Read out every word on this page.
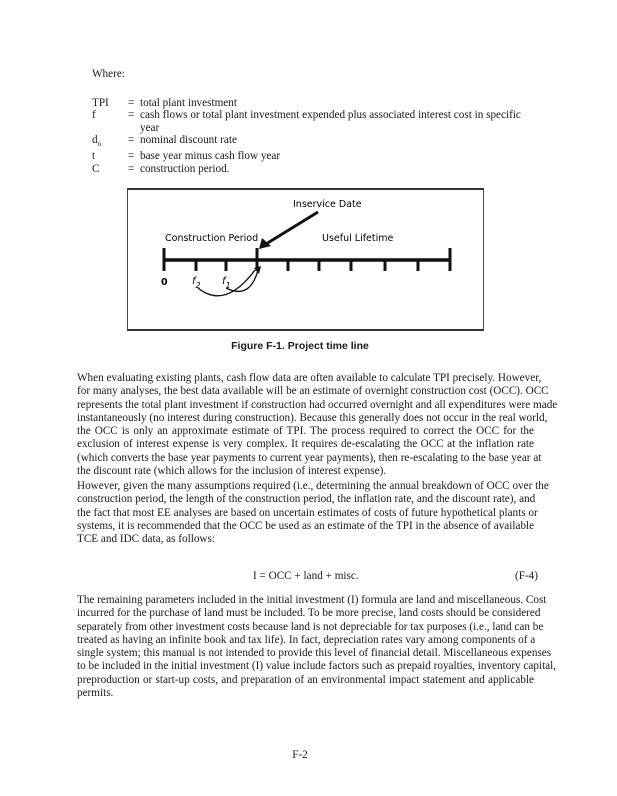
Where:
TPI	= total plant investment
f	= cash flows or total plant investment expended plus associated interest cost in specific
year
$d_n$	= nominal discount rate
t	= base year minus cash flow year
C	= construction period.
Inservice Date
Construction Period	Useful Lifetime
0 $f_2$ $f_1$
Figure F-1. Project time line
When evaluating existing plants, cash flow data are often available to calculate TPI precisely. However,
for many analyses, the best data available will be an estimate of overnight construction cost (OCC). OCC
represents the total plant investment if construction had occurred overnight and all expenditures were made
instantaneously (no interest during construction). Because this generally does not occur in the real world,
the OCC is only an approximate estimate of TPI. The process required to correct the OCC for the
exclusion of interest expense is very complex. It requires de-escalating the OCC at the inflation rate
(which converts the base year payments to current year payments), then re-escalating to the base year at
the discount rate (which allows for the inclusion of interest expense).
However, given the many assumptions required (i.e., determining the annual breakdown of OCC over the
construction period, the length of the construction period, the inflation rate, and the discount rate), and
the fact that most EE analyses are based on uncertain estimates of costs of future hypothetical plants or
systems, it is recommended that the OCC be used as an estimate of the TPI in the absence of available
TCE and IDC data, as follows:
I = OCC + land + misc.	(F-4)
The remaining parameters included in the initial investment (I) formula are land and miscellaneous. Cost
incurred for the purchase of land must be included. To be more precise, land costs should be considered
separately from other investment costs because land is not depreciable for tax purposes (i.e., land can be
treated as having an infinite book and tax life). In fact, depreciation rates vary among components of a
single system; this manual is not intended to provide this level of financial detail. Miscellaneous expenses
to be included in the initial investment (I) value include factors such as prepaid royalties, inventory capital,
preproduction or start-up costs, and preparation of an environmental impact statement and applicable
permits.
F-2
